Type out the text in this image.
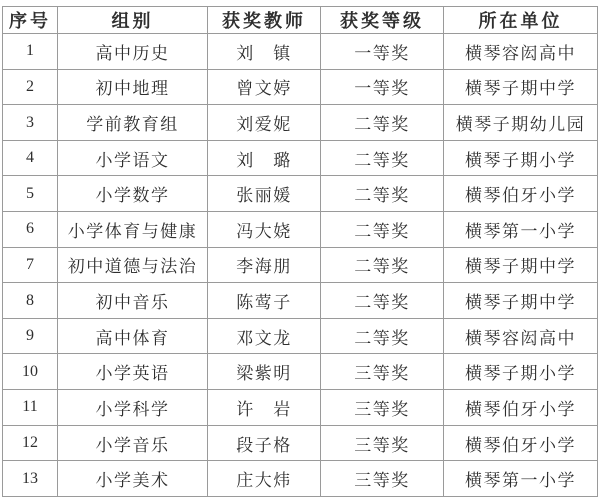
序号	组别	获奖教师	获奖等级	所在单位
1	高中历史	刘　镇	一等奖	横琴容闳高中
2	初中地理	曾文婷	一等奖	横琴子期中学
3	学前教育组	刘爱妮	二等奖	横琴子期幼儿园
4	小学语文	刘　璐	二等奖	横琴子期小学
5	小学数学	张丽媛	二等奖	横琴伯牙小学
6	小学体育与健康	冯大娆	二等奖	横琴第一小学
7	初中道德与法治	李海朋	二等奖	横琴子期中学
8	初中音乐	陈莺子	二等奖	横琴子期中学
9	高中体育	邓文龙	二等奖	横琴容闳高中
10	小学英语	梁紫明	三等奖	横琴子期小学
11	小学科学	许　岩	三等奖	横琴伯牙小学
12	小学音乐	段子格	三等奖	横琴伯牙小学
13	小学美术	庄大炜	三等奖	横琴第一小学
